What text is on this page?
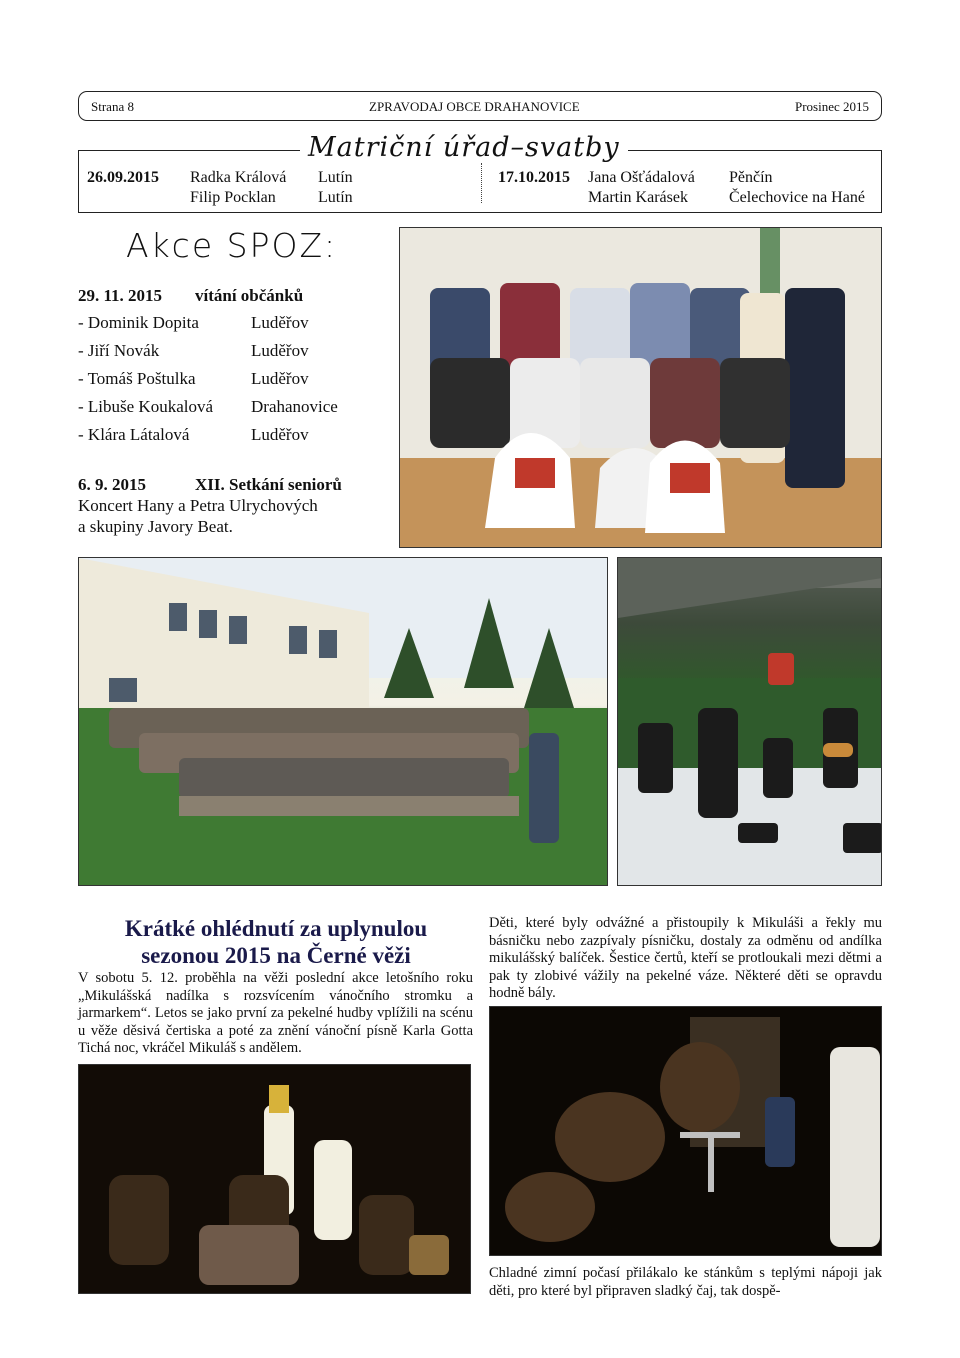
Strana 8	ZPRAVODAJ OBCE DRAHANOVICE	Prosinec 2015
26.09.2015 Radka Králová Lutín
Filip Pocklan	Lutín
17.10.2015 Jana Ošťádalová Pěnčín
Martin Karásek	Čelechovice na Hané
Matriční úřad–svatby
Akce SPOZ:
29. 11. 2015 vítání občánků
- Dominik Dopita	Luděřov
- Jiří Novák	Luděřov
- Tomáš Poštulka	Luděřov
- Libuše Koukalová Drahanovice
- Klára Látalová	Luděřov
6. 9. 2015	XII. Setkání seniorů
Koncert Hany a Petra Ulrychových
a skupiny Javory Beat.
Krátké ohlédnutí za uplynulou
sezonou 2015 na Černé věži
V sobotu 5. 12. proběhla na věži poslední akce letošního roku „Mikulášská nadílka s rozsvícením vánočního stromku a jarmarkem“. Letos se jako první za pekelné hudby vplížili na scénu u věže děsivá čertiska a poté za znění vánoční písně Karla Gotta Tichá noc, vkráčel Mikuláš s andělem.
Děti, které byly odvážné a přistoupily k Mikuláši a řekly mu básničku nebo zazpívaly písničku, dostaly za odměnu od andílka mikulášský balíček. Šestice čertů, kteří se protloukali mezi dětmi a pak ty zlobivé vážily na pekelné váze. Některé děti se opravdu hodně bály.
Chladné zimní počasí přilákalo ke stánkům s teplými nápoji jak děti, pro které byl připraven sladký čaj, tak dospě-
